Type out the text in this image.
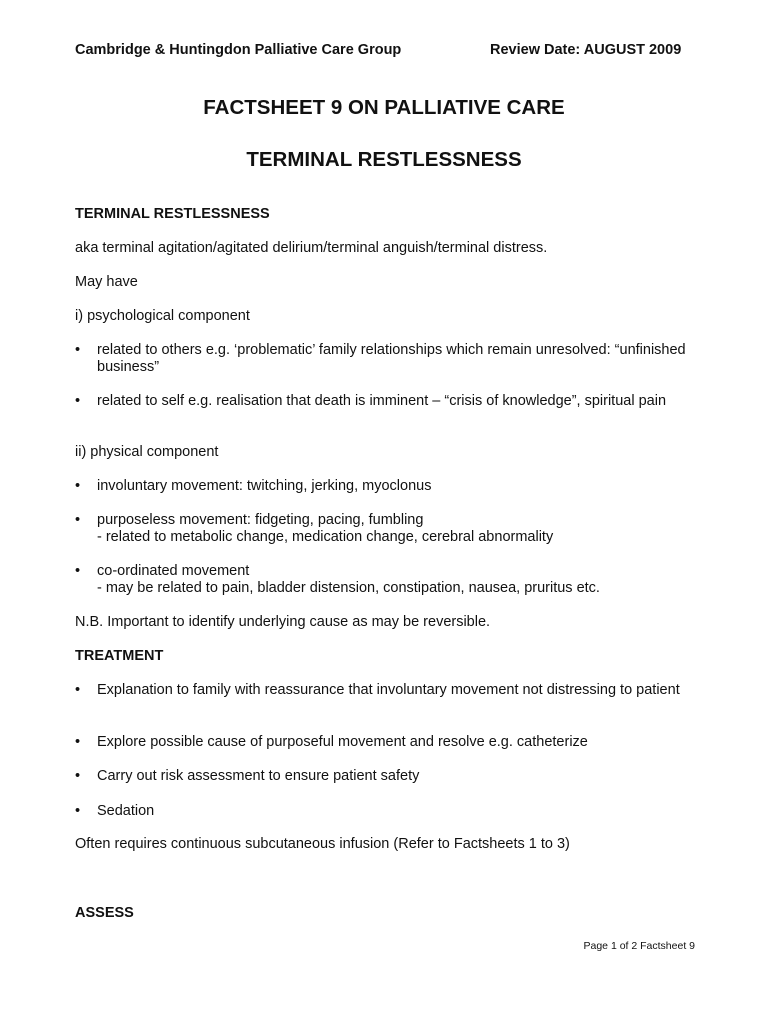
Cambridge & Huntingdon Palliative Care Group	Review Date: AUGUST 2009
FACTSHEET 9 ON PALLIATIVE CARE
TERMINAL RESTLESSNESS
TERMINAL RESTLESSNESS
aka terminal agitation/agitated delirium/terminal anguish/terminal distress.
May have
i) psychological component
• related to others e.g. ‘problematic’ family relationships which remain unresolved: “unfinished business”
• related to self e.g. realisation that death is imminent – “crisis of knowledge”, spiritual pain
ii) physical component
• involuntary movement: twitching, jerking, myoclonus
• purposeless movement: fidgeting, pacing, fumbling
- related to metabolic change, medication change, cerebral abnormality
• co-ordinated movement
- may be related to pain, bladder distension, constipation, nausea, pruritus etc.
N.B. Important to identify underlying cause as may be reversible.
TREATMENT
• Explanation to family with reassurance that involuntary movement not distressing to patient
• Explore possible cause of purposeful movement and resolve e.g. catheterize
• Carry out risk assessment to ensure patient safety
• Sedation
Often requires continuous subcutaneous infusion (Refer to Factsheets 1 to 3)
ASSESS
Page 1 of 2 Factsheet 9
